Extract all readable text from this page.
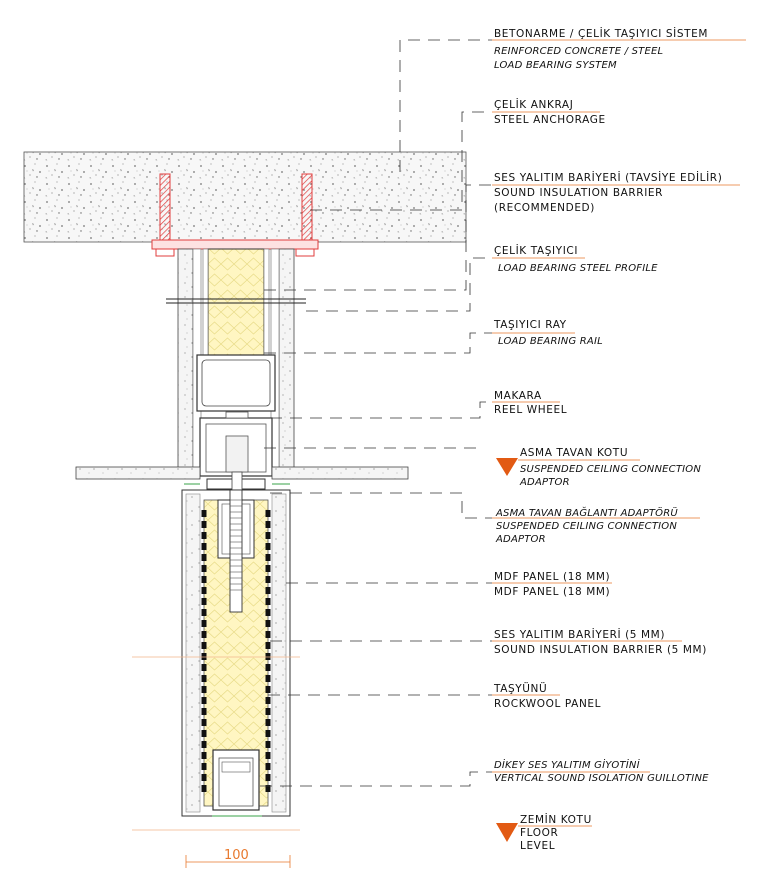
100
BETONARME / ÇELİK TAŞIYICI SİSTEM
REINFORCED CONCRETE / STEEL
LOAD BEARING SYSTEM
ÇELİK ANKRAJ
STEEL ANCHORAGE
SES YALITIM BARİYERİ (TAVSİYE EDİLİR)
SOUND INSULATION BARRIER
(RECOMMENDED)
ÇELİK TAŞIYICI
LOAD BEARING STEEL PROFILE
TAŞIYICI RAY
LOAD BEARING RAIL
MAKARA
REEL WHEEL
ASMA TAVAN KOTU
SUSPENDED CEILING CONNECTION
ADAPTOR
ASMA TAVAN BAĞLANTI ADAPTÖRÜ
SUSPENDED CEILING CONNECTION
ADAPTOR
MDF PANEL (18 MM)
MDF PANEL (18 MM)
SES YALITIM BARİYERİ (5 MM)
SOUND INSULATION BARRIER (5 MM)
TAŞYÜNÜ
ROCKWOOL PANEL
DİKEY SES YALITIM GİYOTİNİ
VERTICAL SOUND ISOLATION GUILLOTINE
ZEMİN KOTU
FLOOR
LEVEL
